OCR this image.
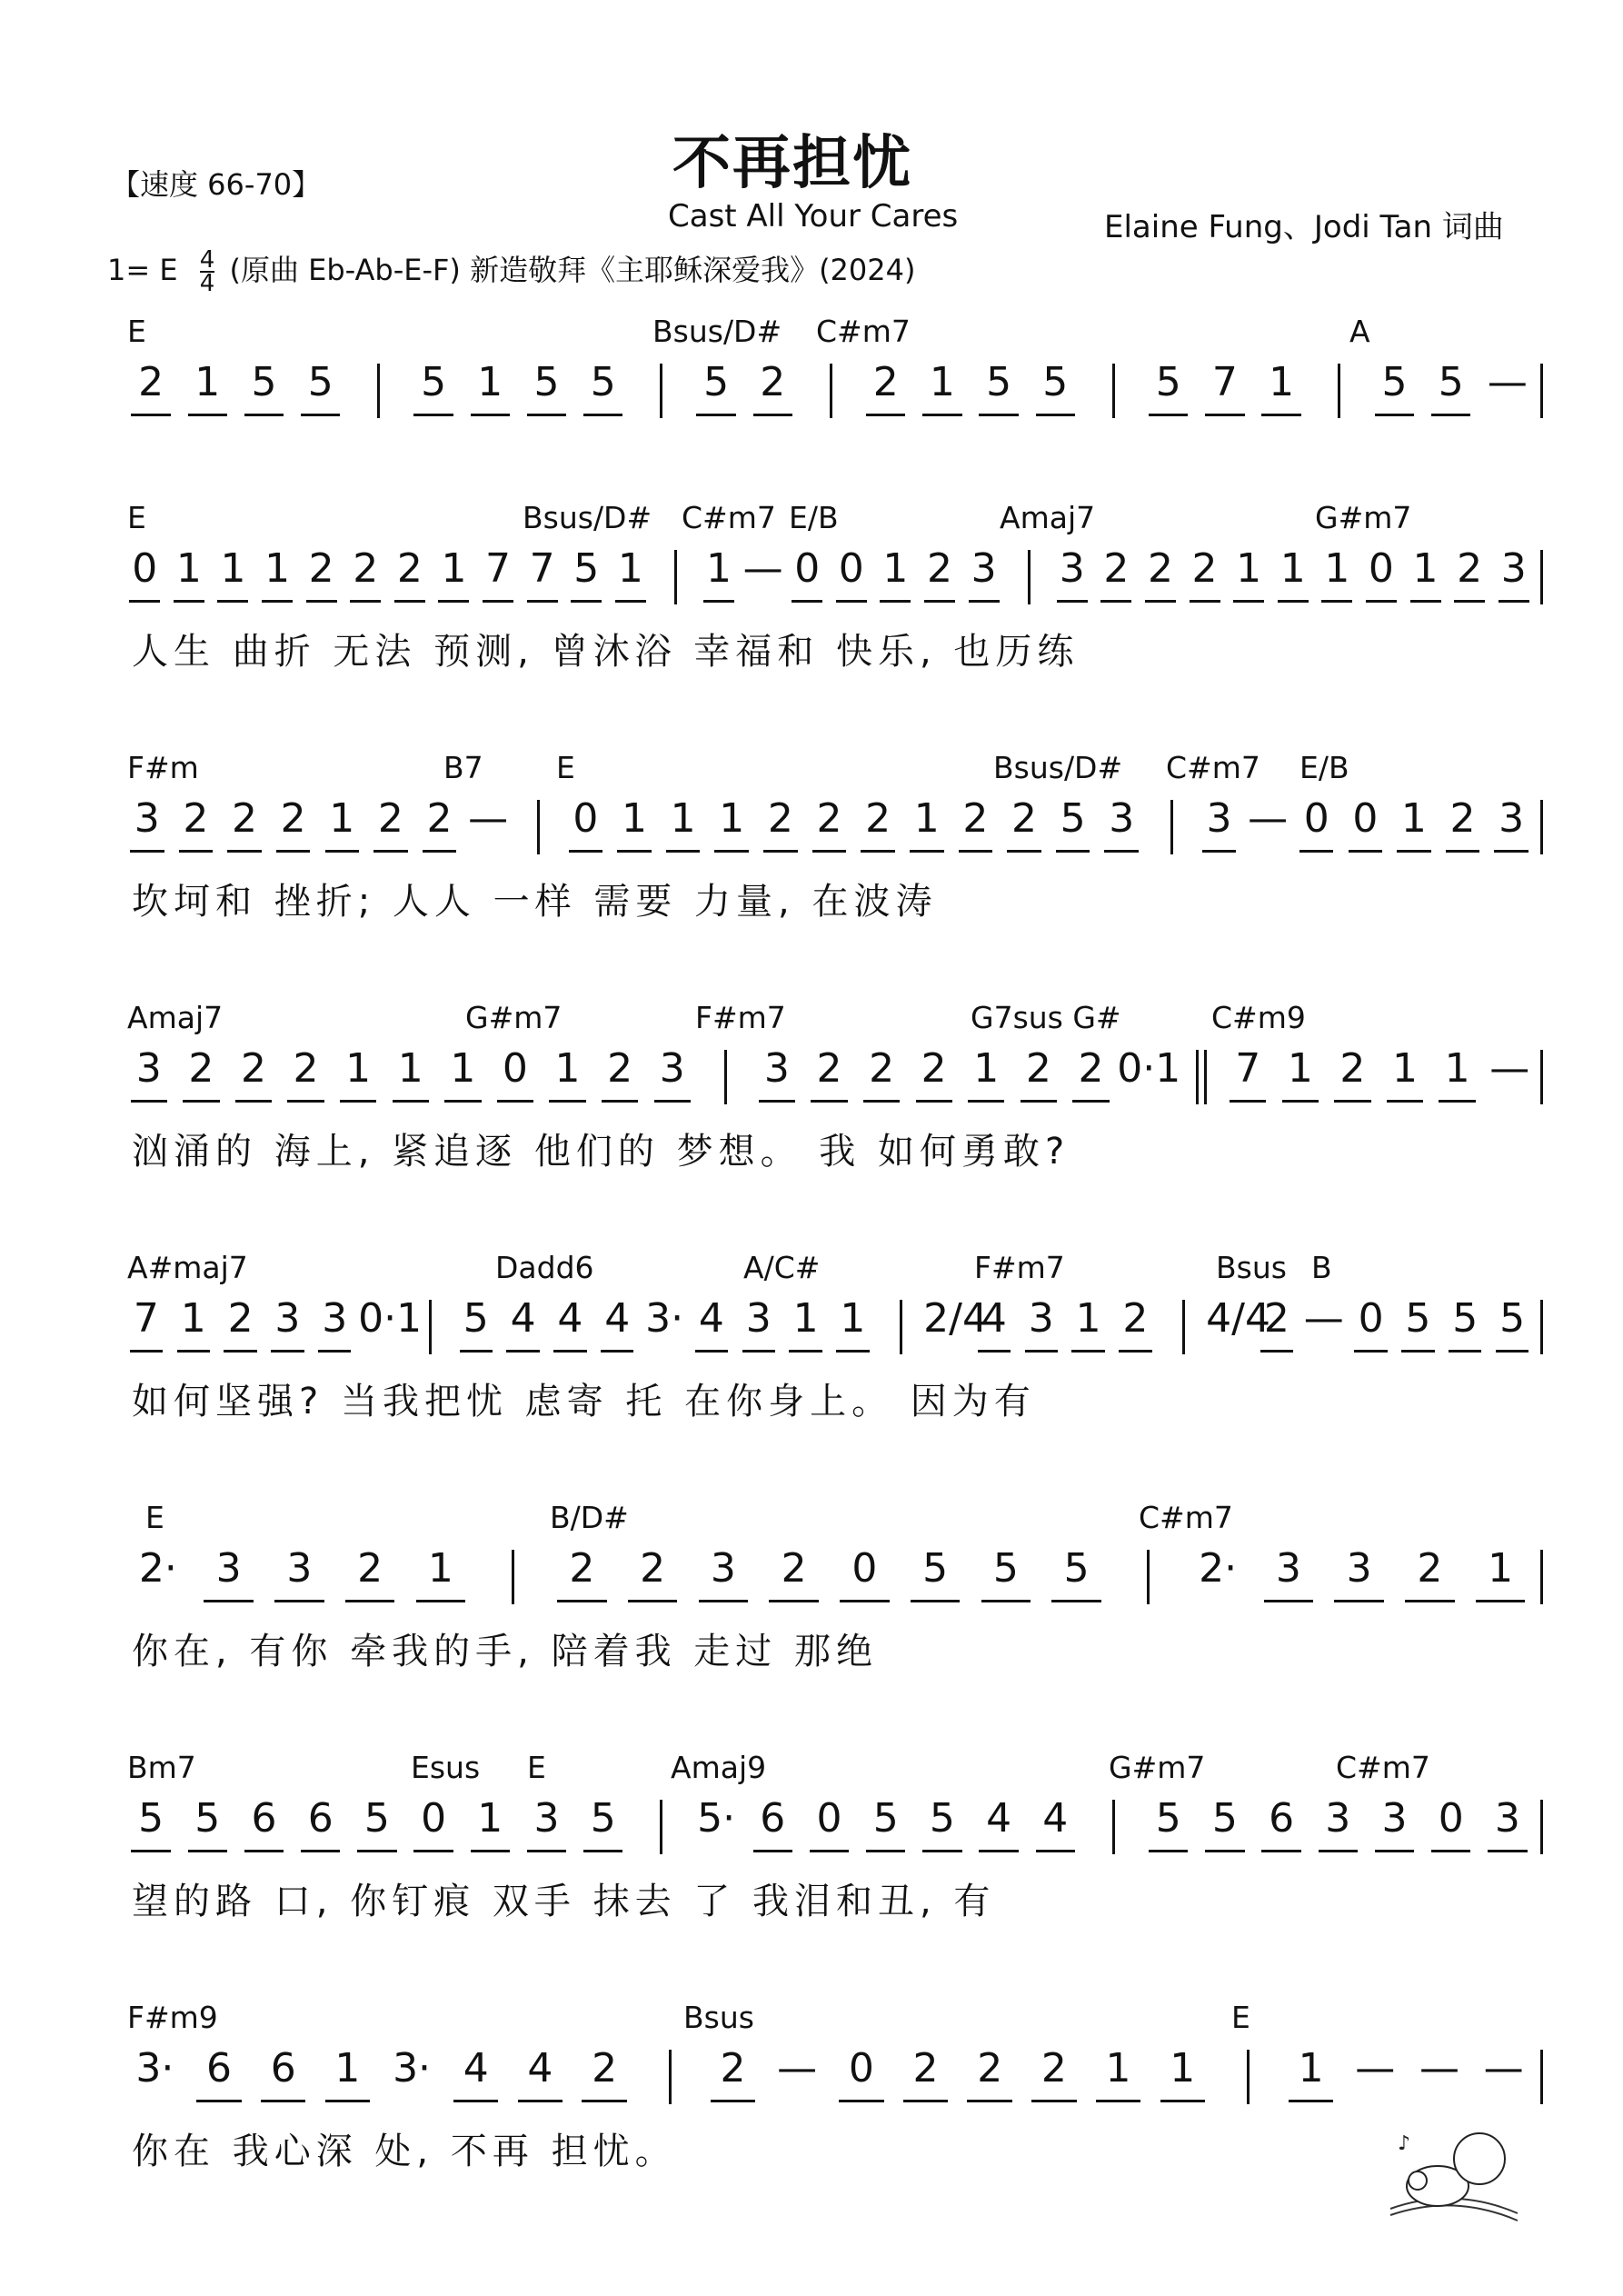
【速度 66-70】	不再担忧
Cast All Your Cares	Elaine Fung、Jodi Tan 词曲
1= E $\frac{4}{4}$ (原曲 Eb-Ab-E-F) 新造敬拜《主耶稣深爱我》(2024)
E	Bsus/D# C#m7	A
2 1 5 5	5 1 5 5	5 2	2 1 5 5	5 7 1	5 5 —
E	Bsus/D# C#m7 E/B	Amaj7	G#m7
0 1 1 1 2 2 2 1 7 7 5 1 1 — 0 0 1 2 3 3 2 2 2 1 1 1 0 1 2 3
人生 曲折 无法 预测, 曾沐浴 幸福和 快乐, 也历练
F#m	B7 E	Bsus/D# C#m7 E/B
3 2 2 2 1 2 2 — 0 1 1 1 2 2 2 1 2 2 5 3 3 — 0 0 1 2 3
坎坷和 挫折; 人人 一样 需要 力量, 在波涛
Amaj7	G#m7	F#m7	G7sus G#	C#m9
3 2 2 2 1 1 1 0 1 2 3	3 2 2 2 1 2 2 0·1	7 1 2 1 1 —
汹涌的 海上, 紧追逐 他们的 梦想。 我 如何勇敢?
A#maj7	Dadd6	A/C#	F#m7	Bsus B
7 1 2 3 3 0·1 5 4 4 4 3· 4 3 1 1 2/4
4 3 1 2 4/4
2 — 0 5 5 5
如何坚强? 当我把忧 虑寄 托 在你身上。 因为有
E	B/D#	C#m7
2· 3	3	2	1	2	2	3	2	0	5	5	5	2· 3	3	2	1
你在, 有你 牵我的手, 陪着我 走过 那绝
Bm7	Esus E	Amaj9	G#m7	C#m7
5 5 6 6 5 0 1 3 5	5· 6 0 5 5 4 4	5 5 6 3 3 0 3
望的路 口, 你钉痕 双手 抹去 了 我泪和丑, 有
F#m9	Bsus	E
3· 6 6 1 3· 4 4 2	2 — 0 2 2 2 1 1	1 — — —
你在 我心深 处, 不再 担忧。	♪
